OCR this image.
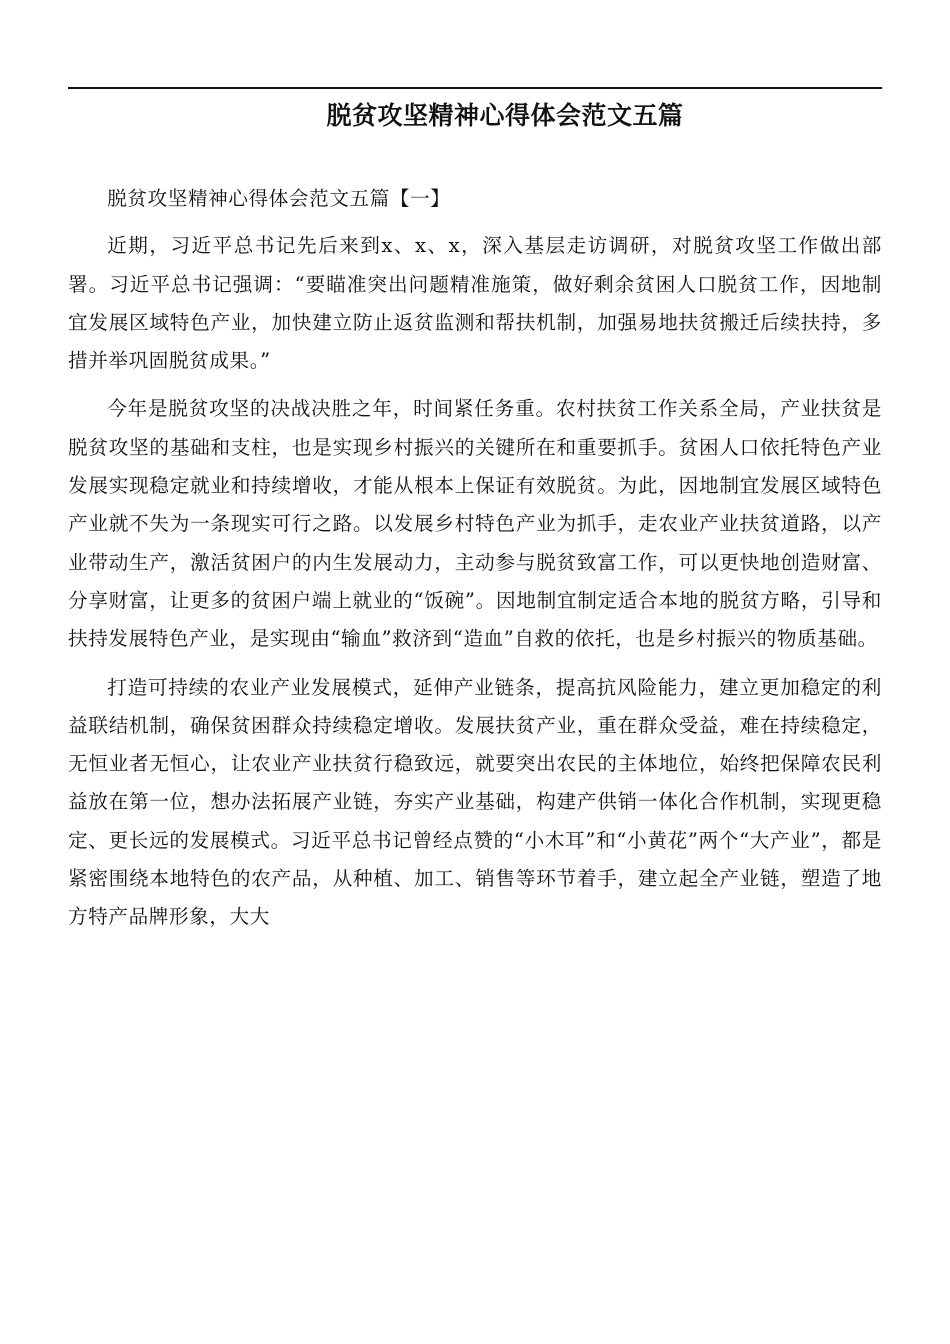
脱贫攻坚精神心得体会范文五篇

脱贫攻坚精神心得体会范文五篇【一】

近期，习近平总书记先后来到x、x、x，深入基层走访调研，对脱贫攻坚工作做出部署。习近平总书记强调：“要瞄准突出问题精准施策，做好剩余贫困人口脱贫工作，因地制宜发展区域特色产业，加快建立防止返贫监测和帮扶机制，加强易地扶贫搬迁后续扶持，多措并举巩固脱贫成果。”

今年是脱贫攻坚的决战决胜之年，时间紧任务重。农村扶贫工作关系全局，产业扶贫是脱贫攻坚的基础和支柱，也是实现乡村振兴的关键所在和重要抓手。贫困人口依托特色产业发展实现稳定就业和持续增收，才能从根本上保证有效脱贫。为此，因地制宜发展区域特色产业就不失为一条现实可行之路。以发展乡村特色产业为抓手，走农业产业扶贫道路，以产业带动生产，激活贫困户的内生发展动力，主动参与脱贫致富工作，可以更快地创造财富、分享财富，让更多的贫困户端上就业的“饭碗”。因地制宜制定适合本地的脱贫方略，引导和扶持发展特色产业，是实现由“输血”救济到“造血”自救的依托，也是乡村振兴的物质基础。

打造可持续的农业产业发展模式，延伸产业链条，提高抗风险能力，建立更加稳定的利益联结机制，确保贫困群众持续稳定增收。发展扶贫产业，重在群众受益，难在持续稳定，无恒业者无恒心，让农业产业扶贫行稳致远，就要突出农民的主体地位，始终把保障农民利益放在第一位，想办法拓展产业链，夯实产业基础，构建产供销一体化合作机制，实现更稳定、更长远的发展模式。习近平总书记曾经点赞的“小木耳”和“小黄花”两个“大产业”，都是紧密围绕本地特色的农产品，从种植、加工、销售等环节着手，建立起全产业链，塑造了地方特产品牌形象，大大
